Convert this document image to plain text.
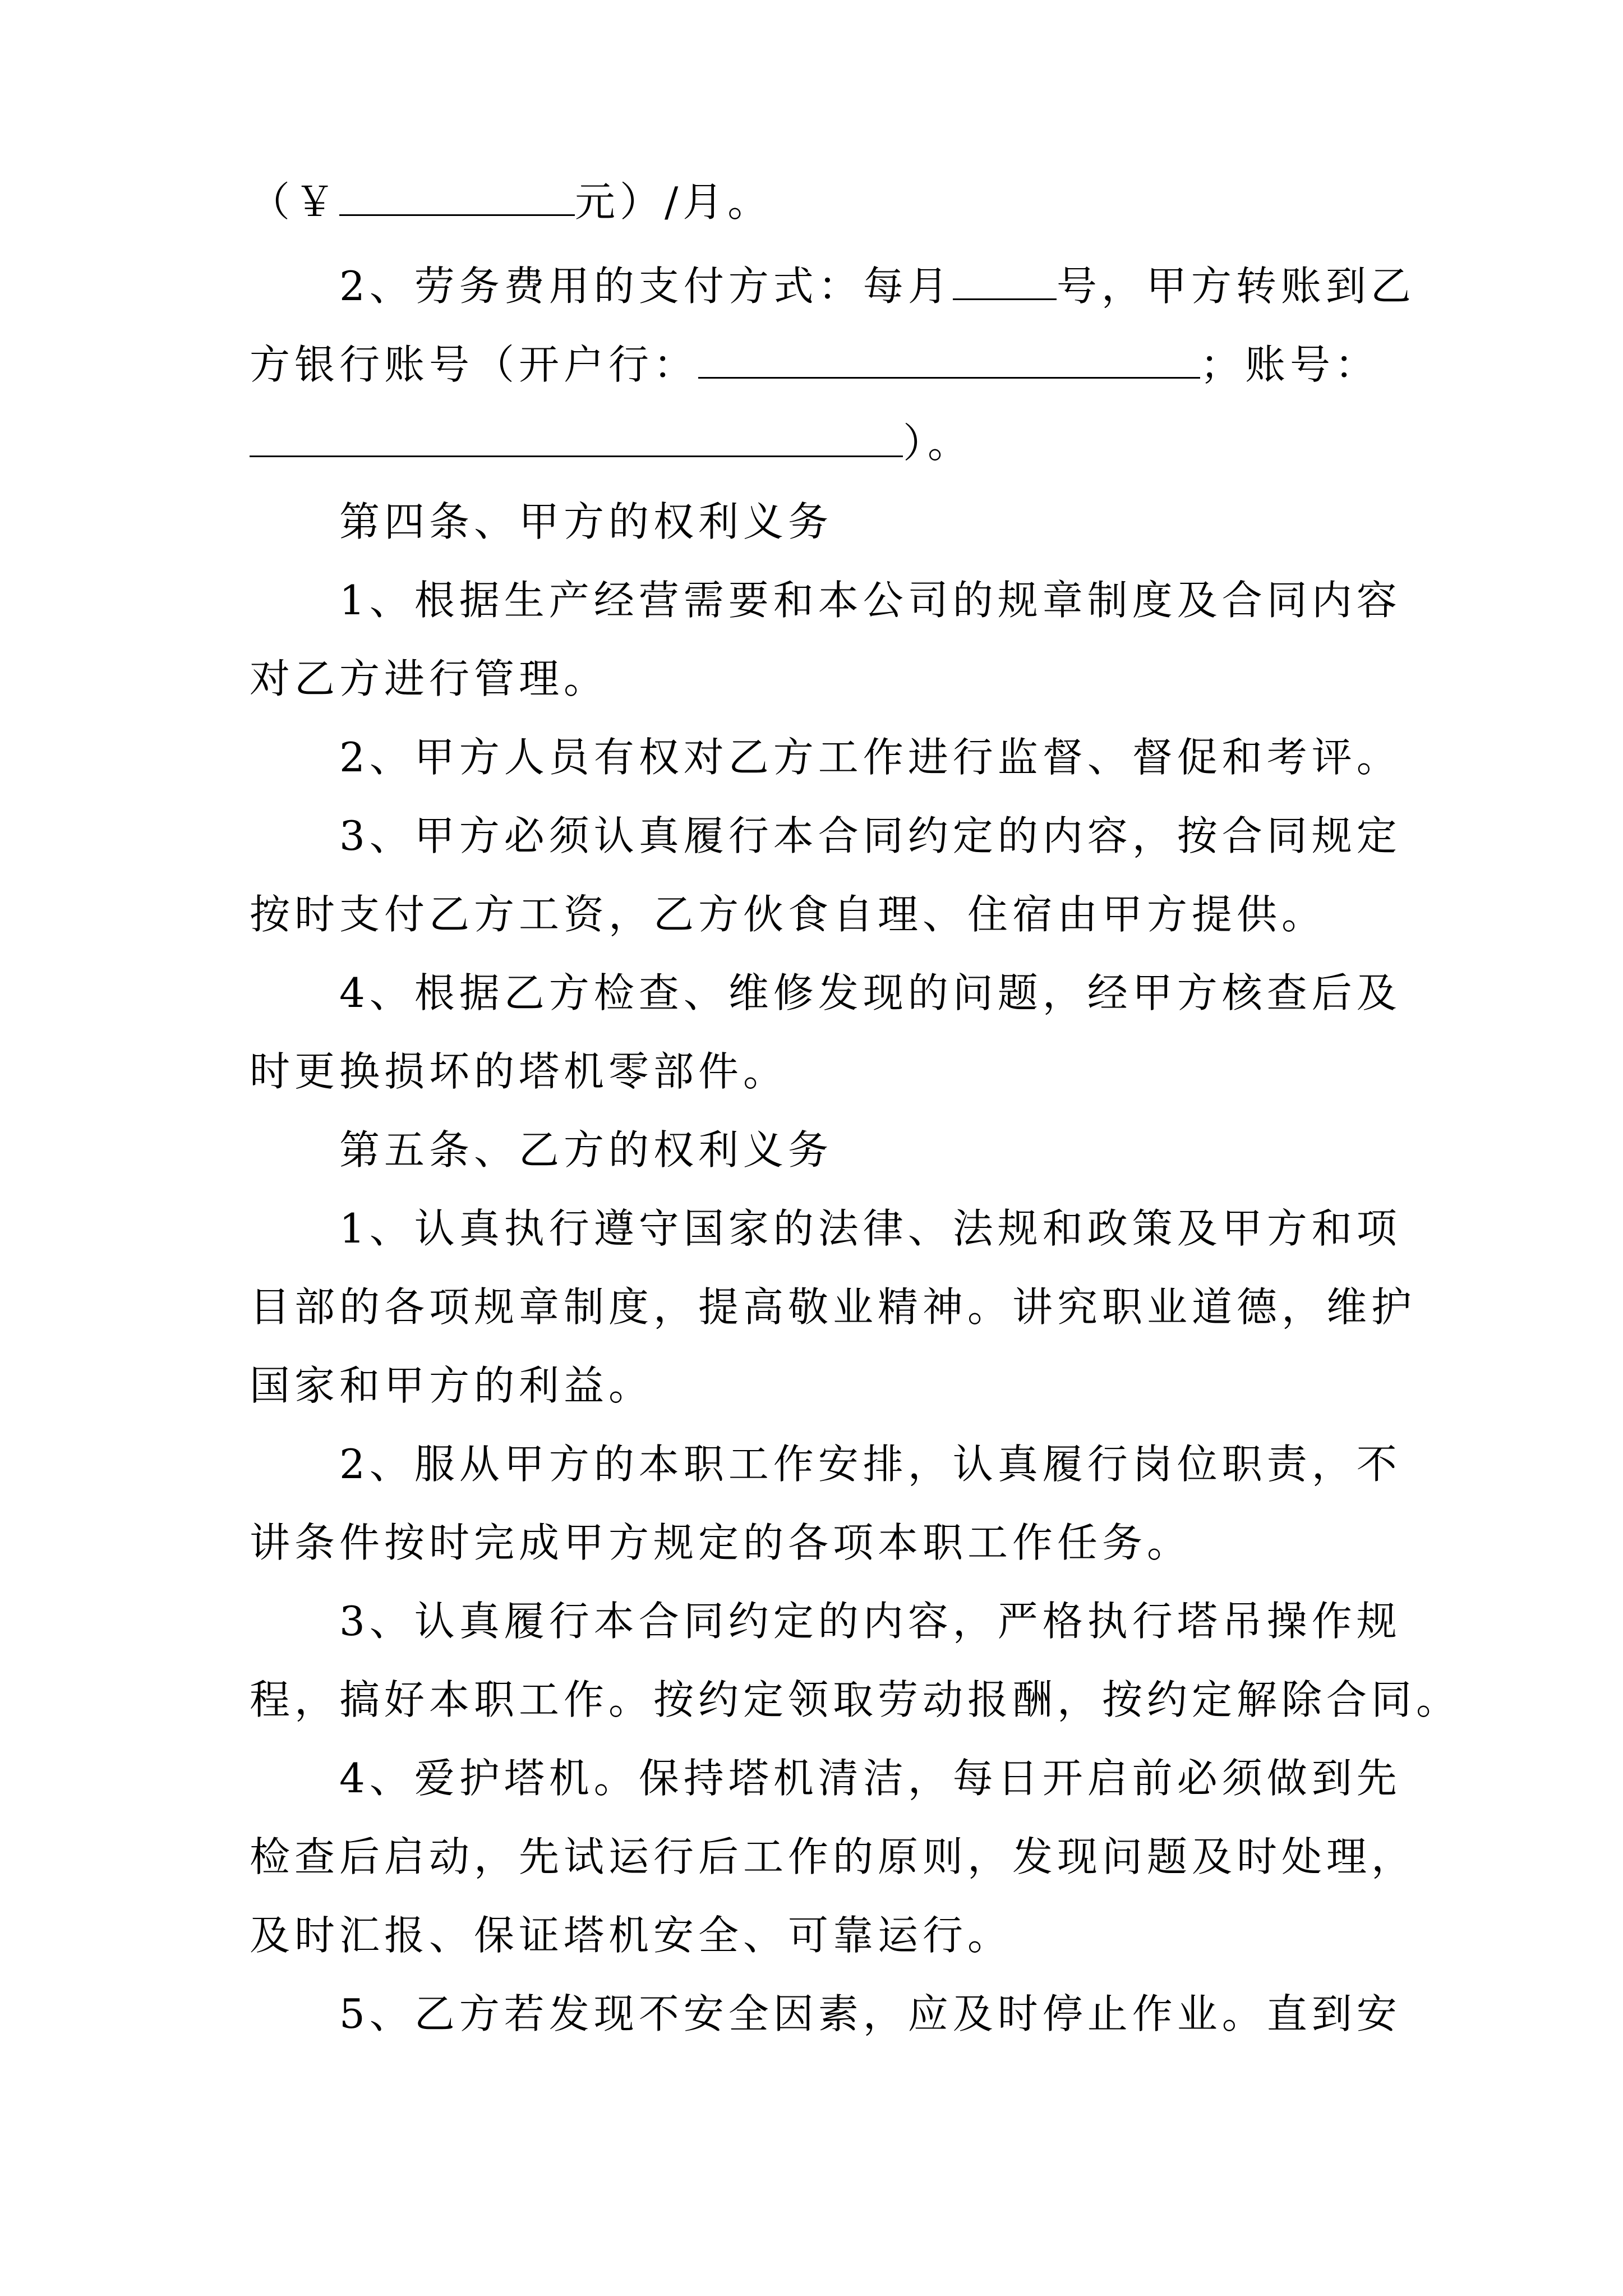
（￥	元）/月。
2、劳务费用的支付方式：每月	号，甲方转账到乙
方银行账号（开户行：	；账号：
）。
第四条、甲方的权利义务
1、根据生产经营需要和本公司的规章制度及合同内容
对乙方进行管理。
2、甲方人员有权对乙方工作进行监督、督促和考评。
3、甲方必须认真履行本合同约定的内容，按合同规定
按时支付乙方工资，乙方伙食自理、住宿由甲方提供。
4、根据乙方检查、维修发现的问题，经甲方核查后及
时更换损坏的塔机零部件。
第五条、乙方的权利义务
1、认真执行遵守国家的法律、法规和政策及甲方和项
目部的各项规章制度，提高敬业精神。讲究职业道德，维护
国家和甲方的利益。
2、服从甲方的本职工作安排，认真履行岗位职责，不
讲条件按时完成甲方规定的各项本职工作任务。
3、认真履行本合同约定的内容，严格执行塔吊操作规
程，搞好本职工作。按约定领取劳动报酬，按约定解除合同。
4、爱护塔机。保持塔机清洁，每日开启前必须做到先
检查后启动，先试运行后工作的原则，发现问题及时处理，
及时汇报、保证塔机安全、可靠运行。
5、乙方若发现不安全因素，应及时停止作业。直到安
